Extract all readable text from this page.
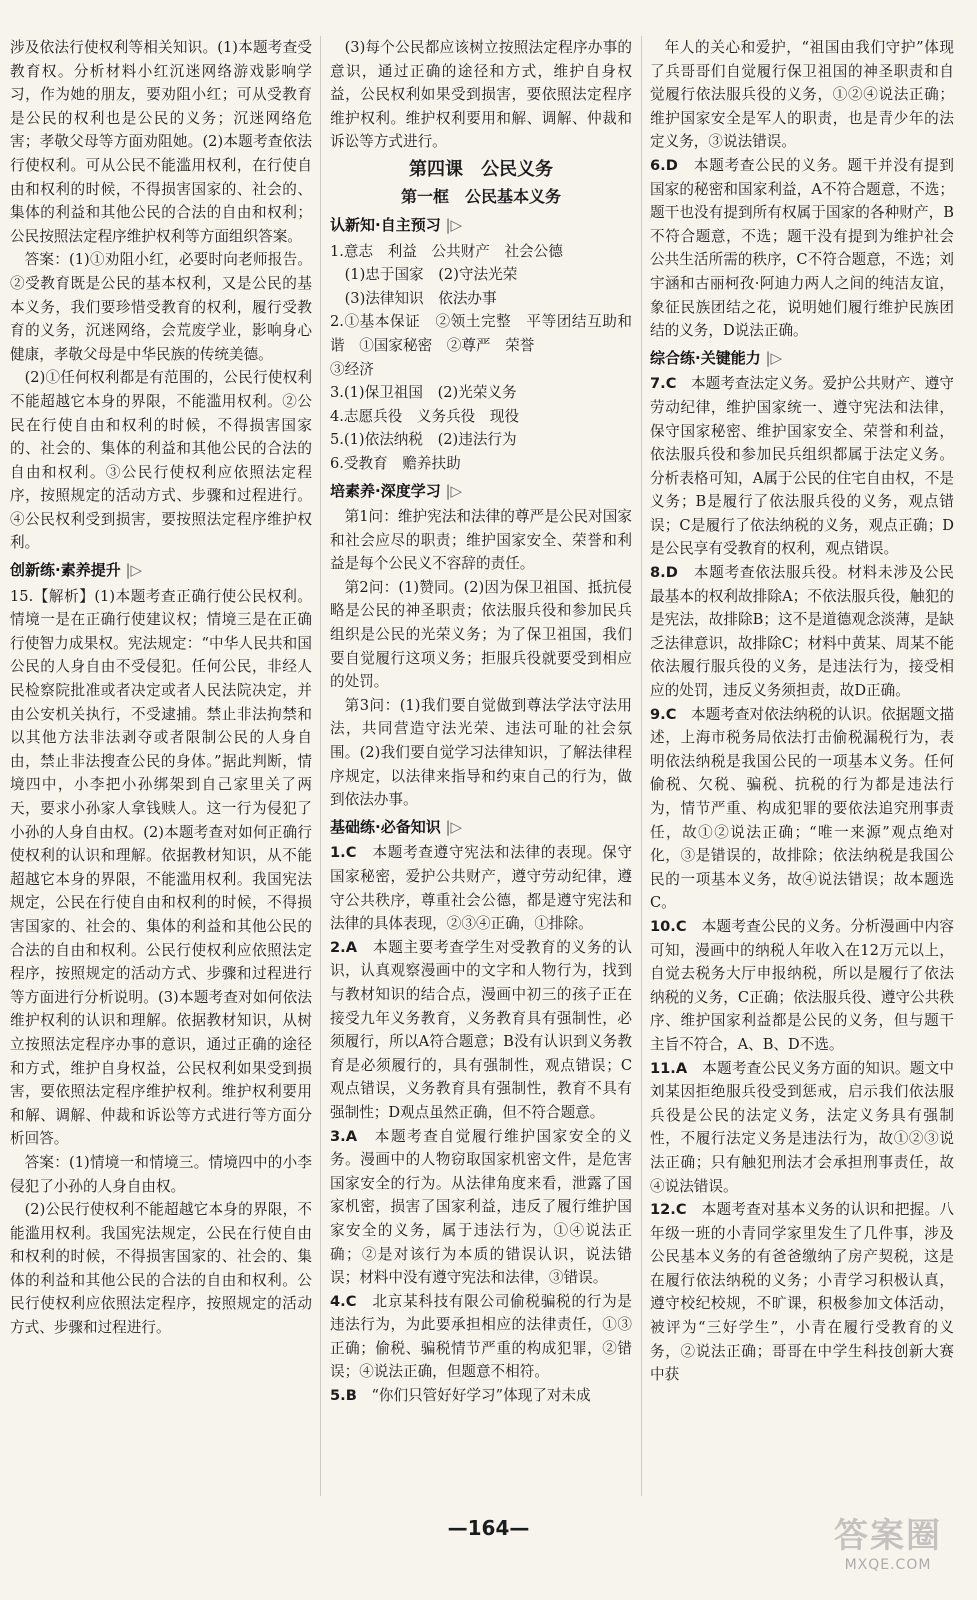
涉及依法行使权利等相关知识。(1)本题考查受教育权。分析材料小红沉迷网络游戏影响学习，作为她的朋友，要劝阻小红；可从受教育是公民的权利也是公民的义务；沉迷网络危害；孝敬父母等方面劝阻她。(2)本题考查依法行使权利。可从公民不能滥用权利，在行使自由和权利的时候，不得损害国家的、社会的、集体的利益和其他公民的合法的自由和权利；公民按照法定程序维护权利等方面组织答案。

答案：(1)①劝阻小红，必要时向老师报告。②受教育既是公民的基本权利，又是公民的基本义务，我们要珍惜受教育的权利，履行受教育的义务，沉迷网络，会荒废学业，影响身心健康，孝敬父母是中华民族的传统美德。

(2)①任何权利都是有范围的，公民行使权利不能超越它本身的界限，不能滥用权利。②公民在行使自由和权利的时候，不得损害国家的、社会的、集体的利益和其他公民的合法的自由和权利。③公民行使权利应依照法定程序，按照规定的活动方式、步骤和过程进行。④公民权利受到损害，要按照法定程序维护权利。

创新练·素养提升 |▷

15.【解析】(1)本题考查正确行使公民权利。情境一是在正确行使建议权；情境三是在正确行使智力成果权。宪法规定：“中华人民共和国公民的人身自由不受侵犯。任何公民，非经人民检察院批准或者决定或者人民法院决定，并由公安机关执行，不受逮捕。禁止非法拘禁和以其他方法非法剥夺或者限制公民的人身自由，禁止非法搜查公民的身体。”据此判断，情境四中，小李把小孙绑架到自己家里关了两天，要求小孙家人拿钱赎人。这一行为侵犯了小孙的人身自由权。(2)本题考查对如何正确行使权利的认识和理解。依据教材知识，从不能超越它本身的界限，不能滥用权利。我国宪法规定，公民在行使自由和权利的时候，不得损害国家的、社会的、集体的利益和其他公民的合法的自由和权利。公民行使权利应依照法定程序，按照规定的活动方式、步骤和过程进行等方面进行分析说明。(3)本题考查对如何依法维护权利的认识和理解。依据教材知识，从树立按照法定程序办事的意识，通过正确的途径和方式，维护自身权益，公民权利如果受到损害，要依照法定程序维护权利。维护权利要用和解、调解、仲裁和诉讼等方式进行等方面分析回答。

答案：(1)情境一和情境三。情境四中的小李侵犯了小孙的人身自由权。

(2)公民行使权利不能超越它本身的界限，不能滥用权利。我国宪法规定，公民在行使自由和权利的时候，不得损害国家的、社会的、集体的利益和其他公民的合法的自由和权利。公民行使权利应依照法定程序，按照规定的活动方式、步骤和过程进行。

(3)每个公民都应该树立按照法定程序办事的意识，通过正确的途径和方式，维护自身权益，公民权利如果受到损害，要依照法定程序维护权利。维护权利要用和解、调解、仲裁和诉讼等方式进行。

第四课　公民义务
第一框　公民基本义务
认新知·自主预习 |▷

1.意志　利益　公共财产　社会公德

(1)忠于国家　(2)守法光荣

(3)法律知识　依法办事

2.①基本保证　②领土完整　平等团结互助和谐　①国家秘密　②尊严　荣誉

③经济

3.(1)保卫祖国　(2)光荣义务

4.志愿兵役　义务兵役　现役

5.(1)依法纳税　(2)违法行为

6.受教育　赡养扶助

培素养·深度学习 |▷

第1问：维护宪法和法律的尊严是公民对国家和社会应尽的职责；维护国家安全、荣誉和利益是每个公民义不容辞的责任。

第2问：(1)赞同。(2)因为保卫祖国、抵抗侵略是公民的神圣职责；依法服兵役和参加民兵组织是公民的光荣义务；为了保卫祖国，我们要自觉履行这项义务；拒服兵役就要受到相应的处罚。

第3问：(1)我们要自觉做到尊法学法守法用法，共同营造守法光荣、违法可耻的社会氛围。(2)我们要自觉学习法律知识，了解法律程序规定，以法律来指导和约束自己的行为，做到依法办事。

基础练·必备知识 |▷

1.C　 本题考查遵守宪法和法律的表现。保守国家秘密，爱护公共财产，遵守劳动纪律，遵守公共秩序，尊重社会公德，都是遵守宪法和法律的具体表现，②③④正确，①排除。

2.A　 本题主要考查学生对受教育的义务的认识，认真观察漫画中的文字和人物行为，找到与教材知识的结合点，漫画中初三的孩子正在接受九年义务教育，义务教育具有强制性，必须履行，所以A符合题意；B没有认识到义务教育是必须履行的，具有强制性，观点错误；C观点错误，义务教育具有强制性，教育不具有强制性；D观点虽然正确，但不符合题意。

3.A　 本题考查自觉履行维护国家安全的义务。漫画中的人物窃取国家机密文件，是危害国家安全的行为。从法律角度来看，泄露了国家机密，损害了国家利益，违反了履行维护国家安全的义务，属于违法行为，①④说法正确；②是对该行为本质的错误认识，说法错误；材料中没有遵守宪法和法律，③错误。

4.C　 北京某科技有限公司偷税骗税的行为是违法行为，为此要承担相应的法律责任，①③正确；偷税、骗税情节严重的构成犯罪，②错误；④说法正确，但题意不相符。

5.B　 “你们只管好好学习”体现了对未成

年人的关心和爱护，“祖国由我们守护”体现了兵哥哥们自觉履行保卫祖国的神圣职责和自觉履行依法服兵役的义务，①②④说法正确；维护国家安全是军人的职责，也是青少年的法定义务，③说法错误。

6.D　 本题考查公民的义务。题干并没有提到国家的秘密和国家利益，A不符合题意，不选；题干也没有提到所有权属于国家的各种财产，B不符合题意，不选；题干没有提到为维护社会公共生活所需的秩序，C不符合题意，不选；刘宇涵和古丽柯孜·阿迪力两人之间的纯洁友谊，象征民族团结之花，说明她们履行维护民族团结的义务，D说法正确。

综合练·关键能力 |▷

7.C　 本题考查法定义务。爱护公共财产、遵守劳动纪律，维护国家统一、遵守宪法和法律，保守国家秘密、维护国家安全、荣誉和利益，依法服兵役和参加民兵组织都属于法定义务。分析表格可知，A属于公民的住宅自由权，不是义务；B是履行了依法服兵役的义务，观点错误；C是履行了依法纳税的义务，观点正确；D是公民享有受教育的权利，观点错误。

8.D　 本题考查依法服兵役。材料未涉及公民最基本的权利故排除A；不依法服兵役，触犯的是宪法，故排除B；这不是道德观念淡薄，是缺乏法律意识，故排除C；材料中黄某、周某不能依法履行服兵役的义务，是违法行为，接受相应的处罚，违反义务须担责，故D正确。

9.C　 本题考查对依法纳税的认识。依据题文描述，上海市税务局依法打击偷税漏税行为，表明依法纳税是我国公民的一项基本义务。任何偷税、欠税、骗税、抗税的行为都是违法行为，情节严重、构成犯罪的要依法追究刑事责任，故①②说法正确；“唯一来源”观点绝对化，③是错误的，故排除；依法纳税是我国公民的一项基本义务，故④说法错误；故本题选C。

10.C　 本题考查公民的义务。分析漫画中内容可知，漫画中的纳税人年收入在12万元以上，自觉去税务大厅申报纳税，所以是履行了依法纳税的义务，C正确；依法服兵役、遵守公共秩序、维护国家利益都是公民的义务，但与题干主旨不符合，A、B、D不选。

11.A　 本题考查公民义务方面的知识。题文中刘某因拒绝服兵役受到惩戒，启示我们依法服兵役是公民的法定义务，法定义务具有强制性，不履行法定义务是违法行为，故①②③说法正确；只有触犯刑法才会承担刑事责任，故④说法错误。

12.C　 本题考查对基本义务的认识和把握。八年级一班的小青同学家里发生了几件事，涉及公民基本义务的有爸爸缴纳了房产契税，这是在履行依法纳税的义务；小青学习积极认真，遵守校纪校规，不旷课，积极参加文体活动，被评为“三好学生”，小青在履行受教育的义务，②说法正确；哥哥在中学生科技创新大赛中获

—164—	答案圈
MXQE.COM
